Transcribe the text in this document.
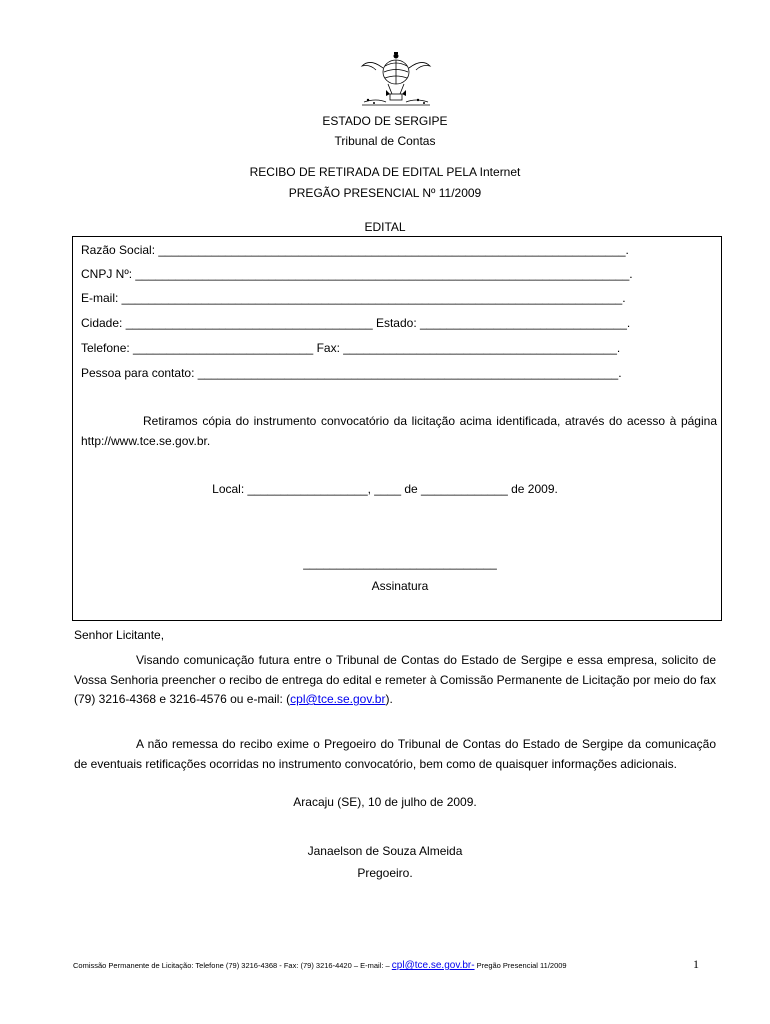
ESTADO DE SERGIPE
Tribunal de Contas
RECIBO DE RETIRADA DE EDITAL PELA Internet
PREGÃO PRESENCIAL Nº 11/2009
EDITAL
Razão Social: ______________________________________________________________________.
CNPJ Nº: __________________________________________________________________________.
E-mail: ___________________________________________________________________________.
Cidade: _____________________________________ Estado: _______________________________.
Telefone: ___________________________ Fax: _________________________________________.
Pessoa para contato: _______________________________________________________________.
Retiramos cópia do instrumento convocatório da licitação acima identificada, através do acesso à página http://www.tce.se.gov.br.
Local: __________________, ____ de _____________ de 2009.
_____________________________
Assinatura
Senhor Licitante,
Visando comunicação futura entre o Tribunal de Contas do Estado de Sergipe e essa empresa, solicito de Vossa Senhoria preencher o recibo de entrega do edital e remeter à Comissão Permanente de Licitação por meio do fax (79) 3216-4368 e 3216-4576 ou e-mail: (cpl@tce.se.gov.br).
A não remessa do recibo exime o Pregoeiro do Tribunal de Contas do Estado de Sergipe da comunicação de eventuais retificações ocorridas no instrumento convocatório, bem como de quaisquer informações adicionais.
Aracaju (SE), 10 de julho de 2009.
Janaelson de Souza Almeida
Pregoeiro.
Comissão Permanente de Licitação: Telefone (79) 3216-4368 - Fax: (79) 3216-4420 – E-mail: – cpl@tce.se.gov.br- Pregão Presencial 11/2009	1
